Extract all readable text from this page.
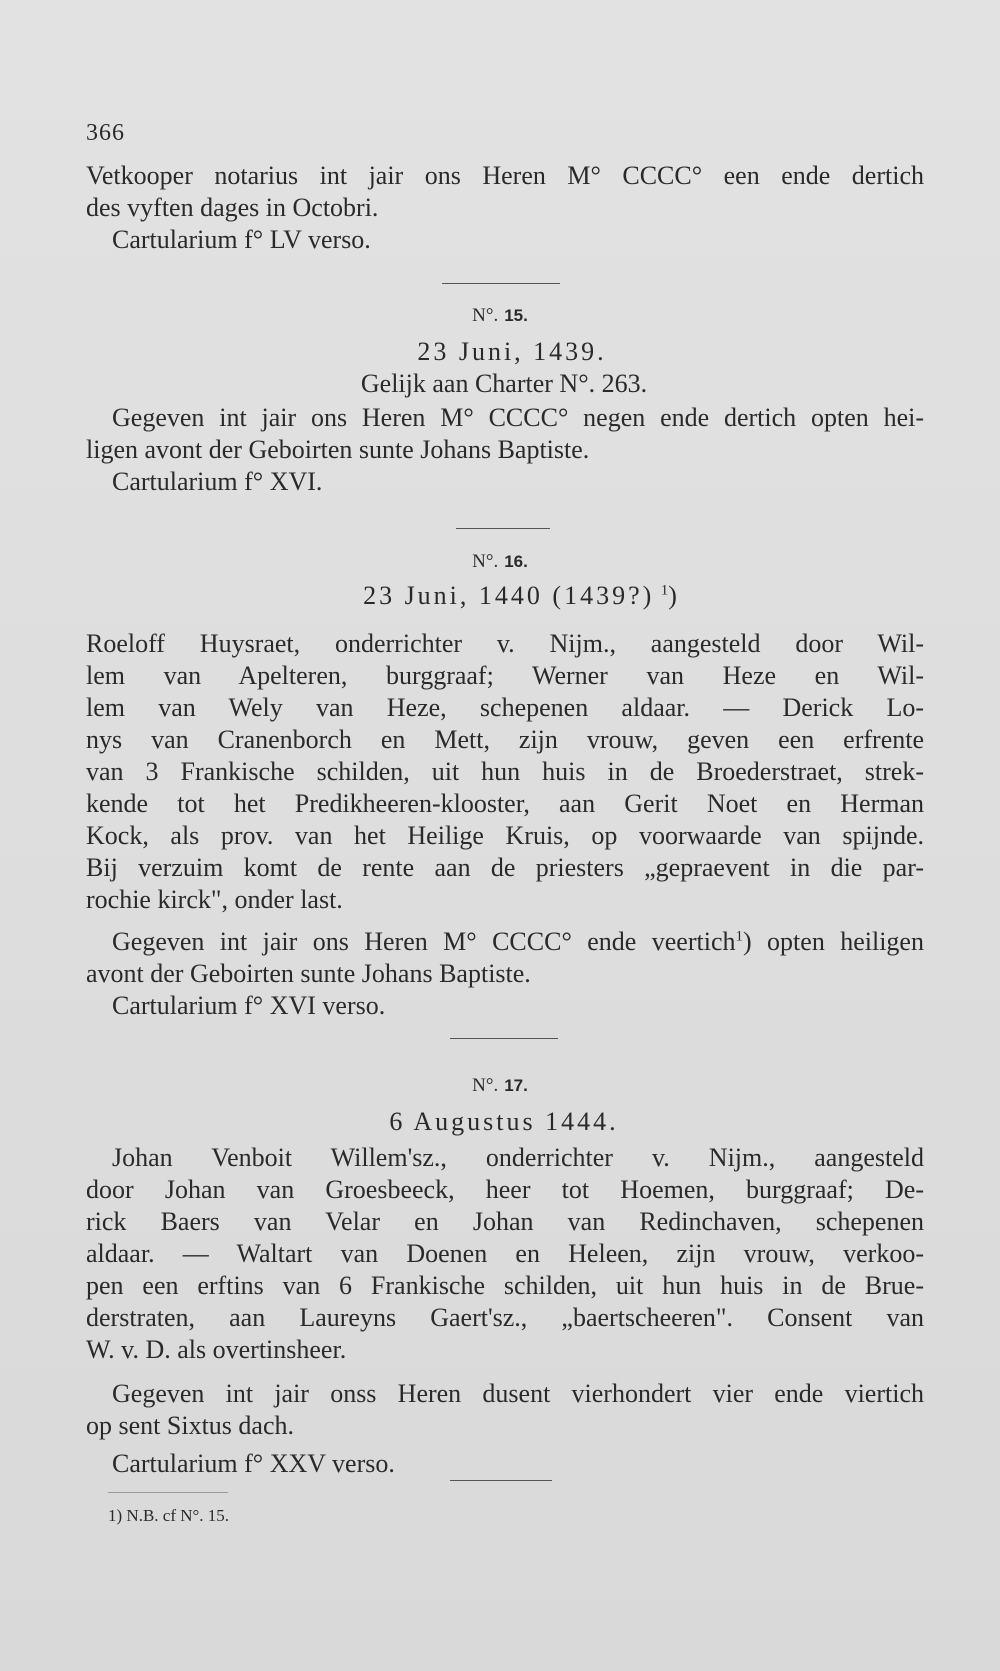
366
Vetkooper notarius int jair ons Heren M° CCCC° een ende dertich
des vyften dages in Octobri.
Cartularium f° LV verso.
N°. 15.
23 Juni, 1439.
Gelijk aan Charter N°. 263.
Gegeven int jair ons Heren M° CCCC° negen ende dertich opten hei-
ligen avont der Geboirten sunte Johans Baptiste.
Cartularium f° XVI.
N°. 16.
23 Juni, 1440 (1439?) $^1$)
Roeloff Huysraet, onderrichter v. Nijm., aangesteld door Wil-
lem van Apelteren, burggraaf; Werner van Heze en Wil-
lem van Wely van Heze, schepenen aldaar. — Derick Lo-
nys van Cranenborch en Mett, zijn vrouw, geven een erfrente
van 3 Frankische schilden, uit hun huis in de Broederstraet, strek-
kende tot het Predikheeren-klooster, aan Gerit Noet en Herman
Kock, als prov. van het Heilige Kruis, op voorwaarde van spijnde.
Bij verzuim komt de rente aan de priesters „gepraevent in die par-
rochie kirck", onder last.
Gegeven int jair ons Heren M° CCCC° ende veertich$^1$) opten heiligen
avont der Geboirten sunte Johans Baptiste.
Cartularium f° XVI verso.
N°. 17.
6 Augustus 1444.
Johan Venboit Willem'sz., onderrichter v. Nijm., aangesteld
door Johan van Groesbeeck, heer tot Hoemen, burggraaf; De-
rick Baers van Velar en Johan van Redinchaven, schepenen
aldaar. — Waltart van Doenen en Heleen, zijn vrouw, verkoo-
pen een erftins van 6 Frankische schilden, uit hun huis in de Brue-
derstraten, aan Laureyns Gaert'sz., „baertscheeren". Consent van
W. v. D. als overtinsheer.
Gegeven int jair onss Heren dusent vierhondert vier ende viertich
op sent Sixtus dach.
Cartularium f° XXV verso.
1) N.B. cf N°. 15.
